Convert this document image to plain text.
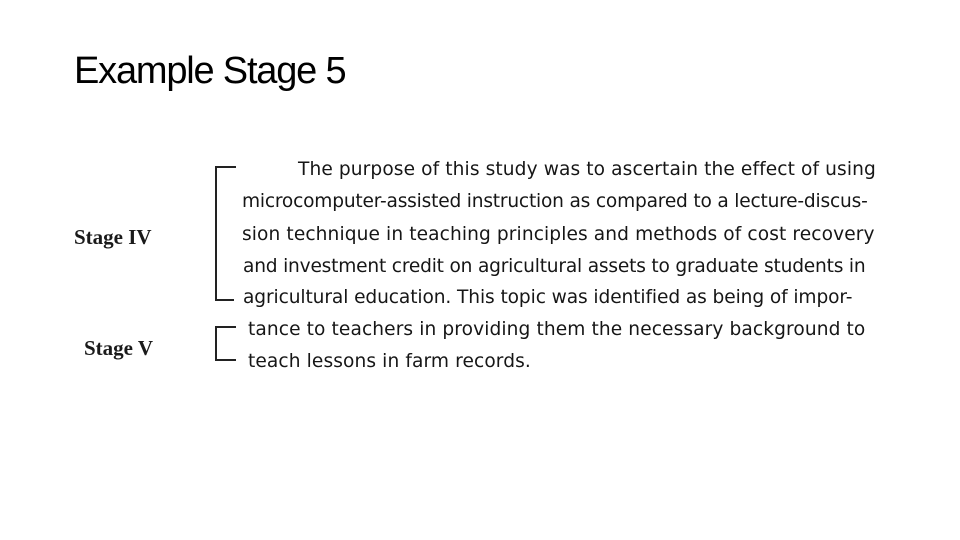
Example Stage 5
Stage IV
Stage V
The purpose of this study was to ascertain the effect of using
microcomputer-assisted instruction as compared to a lecture-discus-
sion technique in teaching principles and methods of cost recovery
and investment credit on agricultural assets to graduate students in
agricultural education. This topic was identified as being of impor-
tance to teachers in providing them the necessary background to
teach lessons in farm records.
